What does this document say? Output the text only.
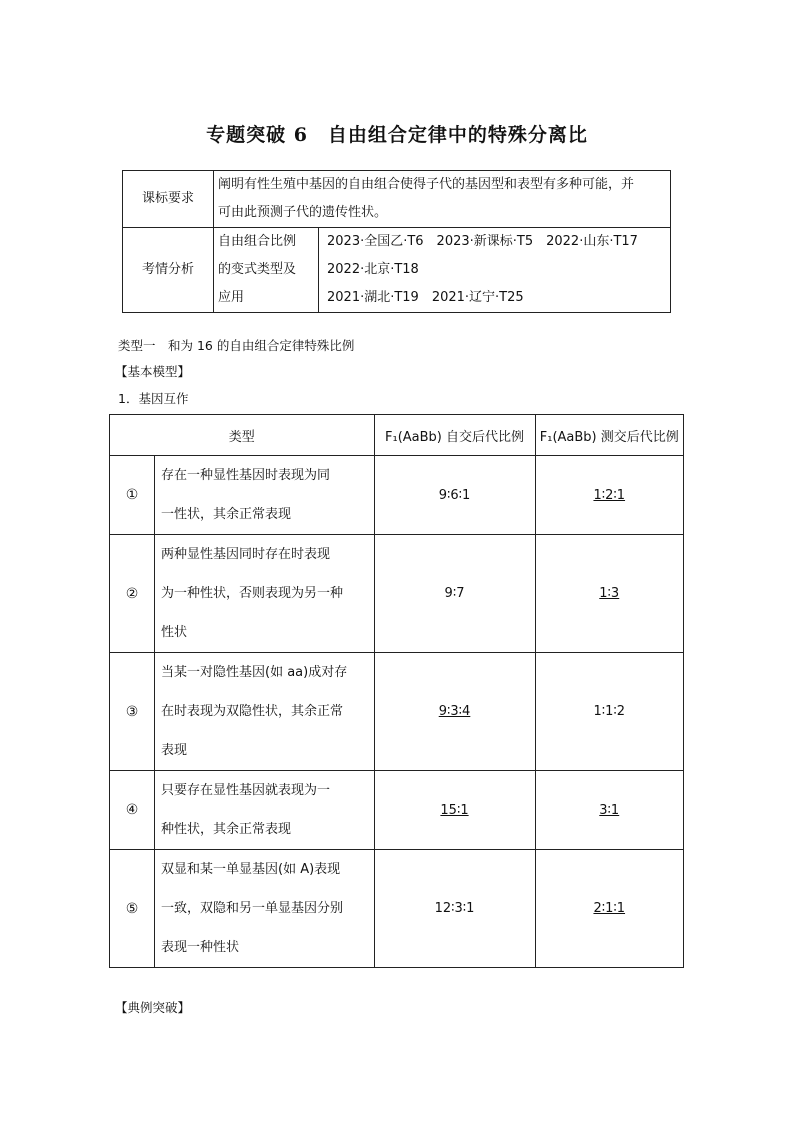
专题突破 6　自由组合定律中的特殊分离比
课标要求	阐明有性生殖中基因的自由组合使得子代的基因型和表型有多种可能，并
可由此预测子代的遗传性状。	

考情分析	自由组合比例
的变式类型及
应用	2023·全国乙·T6　2023·新课标·T5　2022·山东·T17
2022·北京·T18
2021·湖北·T19　2021·辽宁·T25
类型一　和为 16 的自由组合定律特殊比例
【基本模型】
1．基因互作
类型		F₁(AaBb) 自交后代比例	F₁(AaBb) 测交后代比例
①	存在一种显性基因时表现为同
一性状，其余正常表现	9∶6∶1	1∶2∶1
②	两种显性基因同时存在时表现
为一种性状，否则表现为另一种
性状	9∶7	1∶3
③	当某一对隐性基因(如 aa)成对存
在时表现为双隐性状，其余正常
表现	9∶3∶4	1∶1∶2
④	只要存在显性基因就表现为一
种性状，其余正常表现	15∶1	3∶1
⑤	双显和某一单显基因(如 A)表现
一致，双隐和另一单显基因分别
表现一种性状	12∶3∶1	2∶1∶1
【典例突破】
